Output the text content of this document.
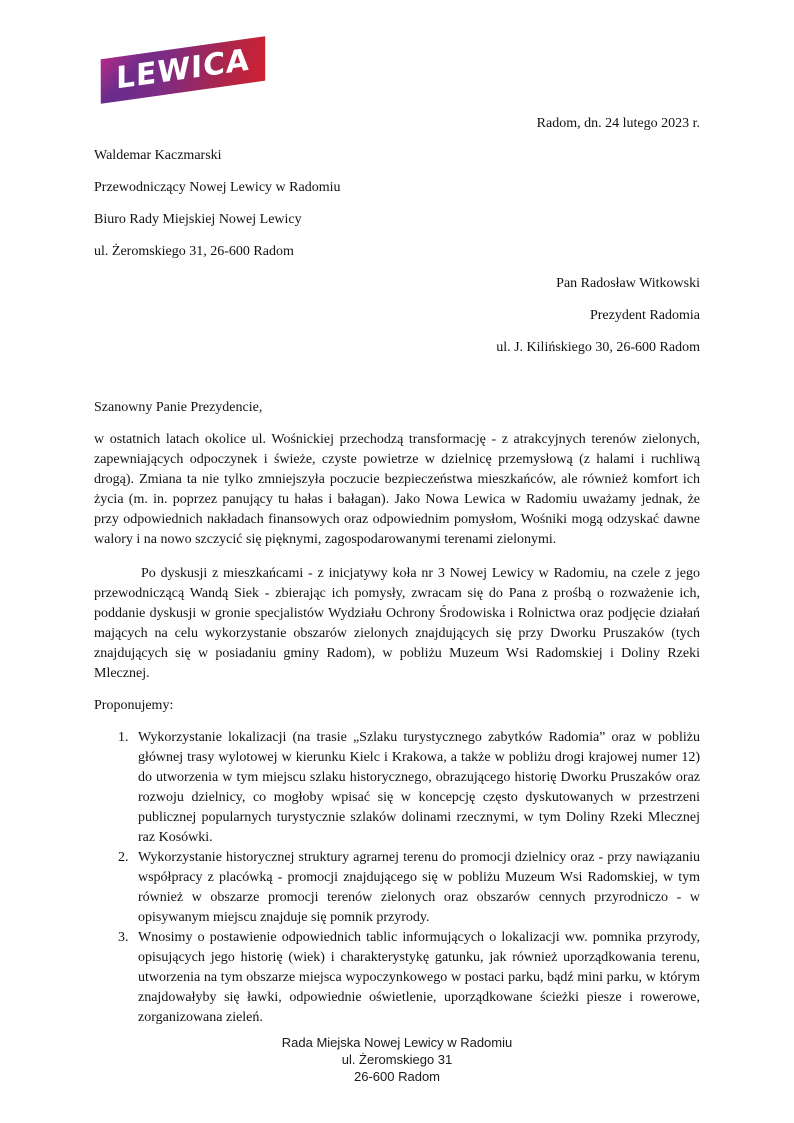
LEWICA
Radom, dn. 24 lutego 2023 r.
Waldemar Kaczmarski
Przewodniczący Nowej Lewicy w Radomiu
Biuro Rady Miejskiej Nowej Lewicy
ul. Żeromskiego 31, 26-600 Radom
Pan Radosław Witkowski
Prezydent Radomia
ul. J. Kilińskiego 30, 26-600 Radom
Szanowny Panie Prezydencie,

w ostatnich latach okolice ul. Wośnickiej przechodzą transformację - z atrakcyjnych terenów zielonych, zapewniających odpoczynek i świeże, czyste powietrze w dzielnicę przemysłową (z halami i ruchliwą drogą). Zmiana ta nie tylko zmniejszyła poczucie bezpieczeństwa mieszkańców, ale również komfort ich życia (m. in. poprzez panujący tu hałas i bałagan). Jako Nowa Lewica w Radomiu uważamy jednak, że przy odpowiednich nakładach finansowych oraz odpowiednim pomysłom, Wośniki mogą odzyskać dawne walory i na nowo szczycić się pięknymi, zagospodarowanymi terenami zielonymi.

Po dyskusji z mieszkańcami - z inicjatywy koła nr 3 Nowej Lewicy w Radomiu, na czele z jego przewodniczącą Wandą Siek - zbierając ich pomysły, zwracam się do Pana z prośbą o rozważenie ich, poddanie dyskusji w gronie specjalistów Wydziału Ochrony Środowiska i Rolnictwa oraz podjęcie działań mających na celu wykorzystanie obszarów zielonych znajdujących się przy Dworku Pruszaków (tych znajdujących się w posiadaniu gminy Radom), w pobliżu Muzeum Wsi Radomskiej i Doliny Rzeki Mlecznej.

Proponujemy:
1. Wykorzystanie lokalizacji (na trasie „Szlaku turystycznego zabytków Radomia” oraz w pobliżu głównej trasy wylotowej w kierunku Kielc i Krakowa, a także w pobliżu drogi krajowej numer 12) do utworzenia w tym miejscu szlaku historycznego, obrazującego historię Dworku Pruszaków oraz rozwoju dzielnicy, co mogłoby wpisać się w koncepcję często dyskutowanych w przestrzeni publicznej popularnych turystycznie szlaków dolinami rzecznymi, w tym Doliny Rzeki Mlecznej raz Kosówki.
2. Wykorzystanie historycznej struktury agrarnej terenu do promocji dzielnicy oraz - przy nawiązaniu współpracy z placówką - promocji znajdującego się w pobliżu Muzeum Wsi Radomskiej, w tym również w obszarze promocji terenów zielonych oraz obszarów cennych przyrodniczo - w opisywanym miejscu znajduje się pomnik przyrody.
3. Wnosimy o postawienie odpowiednich tablic informujących o lokalizacji ww. pomnika przyrody, opisujących jego historię (wiek) i charakterystykę gatunku, jak również uporządkowania terenu, utworzenia na tym obszarze miejsca wypoczynkowego w postaci parku, bądź mini parku, w którym znajdowałyby się ławki, odpowiednie oświetlenie, uporządkowane ścieżki piesze i rowerowe, zorganizowana zieleń.
Rada Miejska Nowej Lewicy w Radomiu
ul. Żeromskiego 31
26-600 Radom
